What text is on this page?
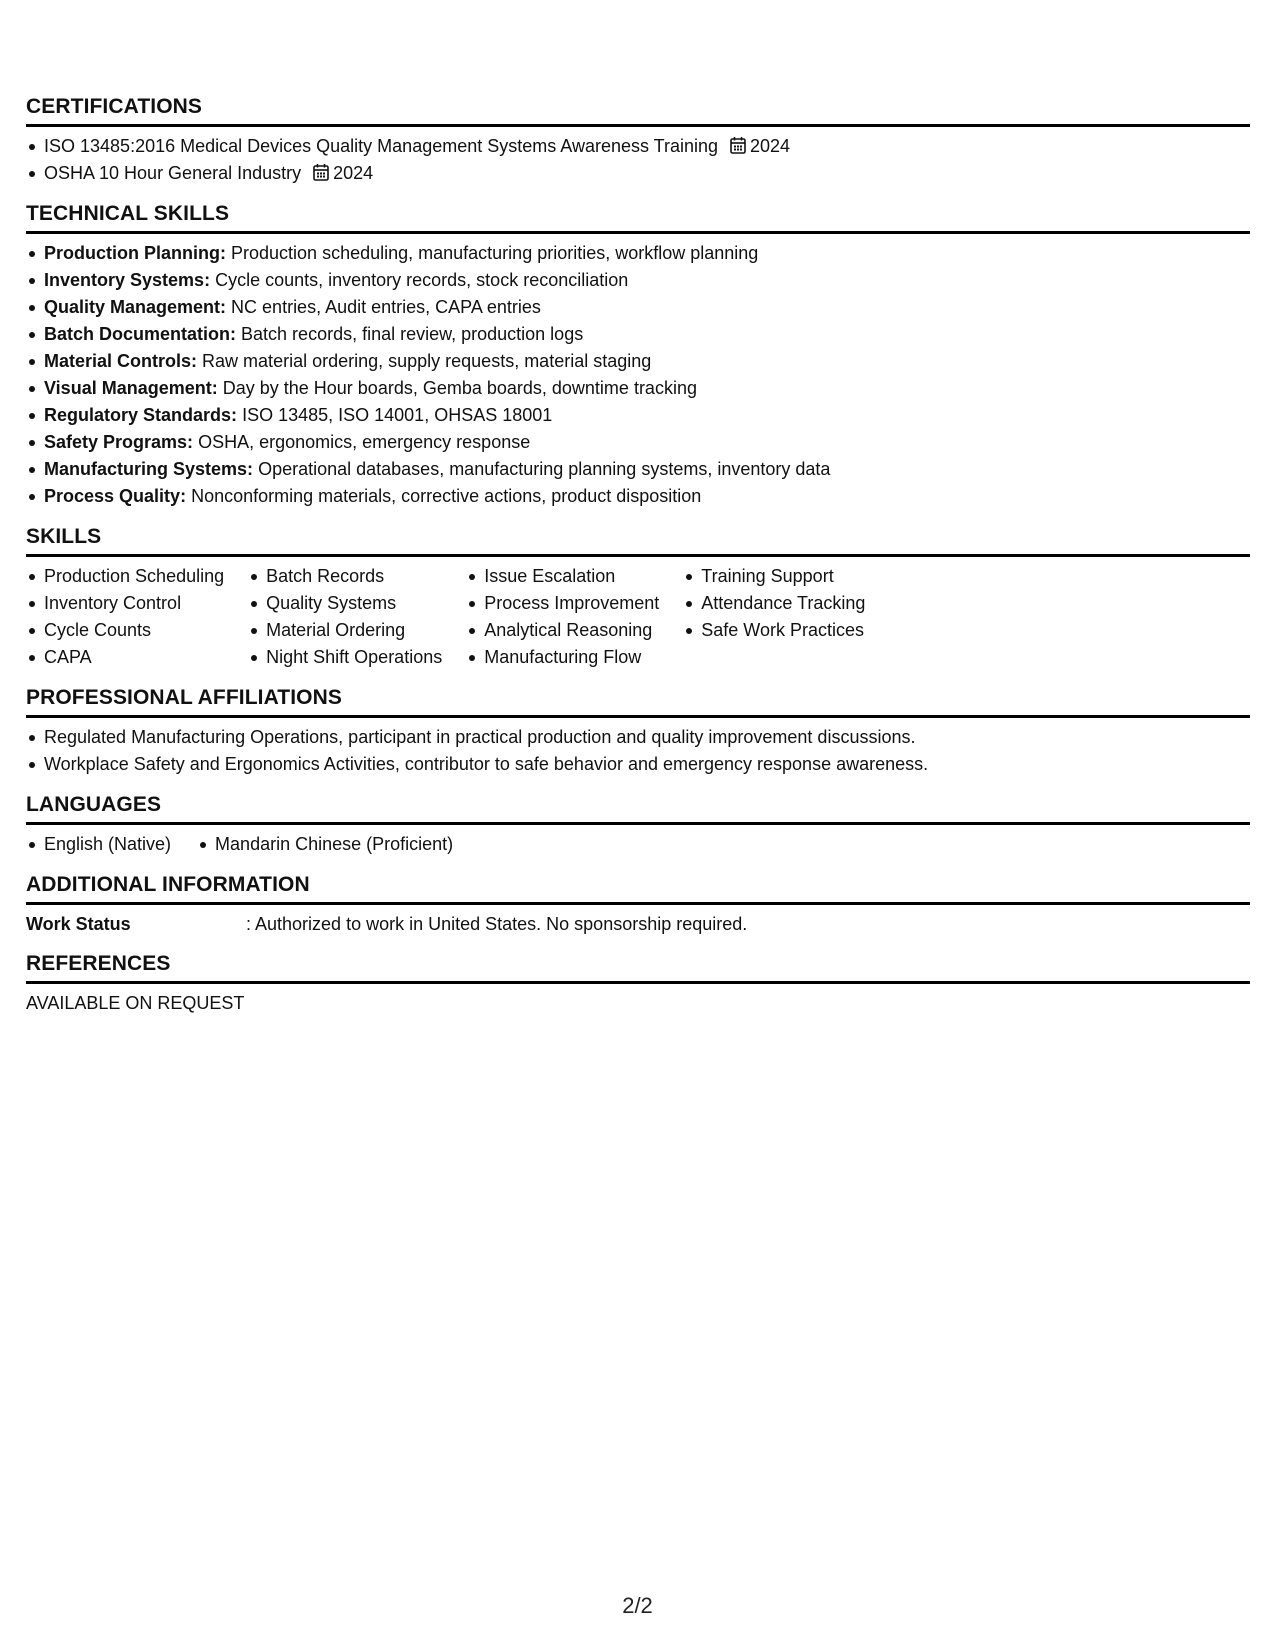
CERTIFICATIONS
ISO 13485:2016 Medical Devices Quality Management Systems Awareness Training 2024
OSHA 10 Hour General Industry 2024
TECHNICAL SKILLS
Production Planning: Production scheduling, manufacturing priorities, workflow planning
Inventory Systems: Cycle counts, inventory records, stock reconciliation
Quality Management: NC entries, Audit entries, CAPA entries
Batch Documentation: Batch records, final review, production logs
Material Controls: Raw material ordering, supply requests, material staging
Visual Management: Day by the Hour boards, Gemba boards, downtime tracking
Regulatory Standards: ISO 13485, ISO 14001, OHSAS 18001
Safety Programs: OSHA, ergonomics, emergency response
Manufacturing Systems: Operational databases, manufacturing planning systems, inventory data
Process Quality: Nonconforming materials, corrective actions, product disposition
SKILLS
Production Scheduling
Inventory Control
Cycle Counts
CAPA
Batch Records
Quality Systems
Material Ordering
Night Shift Operations
Issue Escalation
Process Improvement
Analytical Reasoning
Manufacturing Flow
Training Support
Attendance Tracking
Safe Work Practices
PROFESSIONAL AFFILIATIONS
Regulated Manufacturing Operations, participant in practical production and quality improvement discussions.
Workplace Safety and Ergonomics Activities, contributor to safe behavior and emergency response awareness.
LANGUAGES
English (Native)	Mandarin Chinese (Proficient)
ADDITIONAL INFORMATION
Work Status	: Authorized to work in United States. No sponsorship required.
REFERENCES
AVAILABLE ON REQUEST
2/2
